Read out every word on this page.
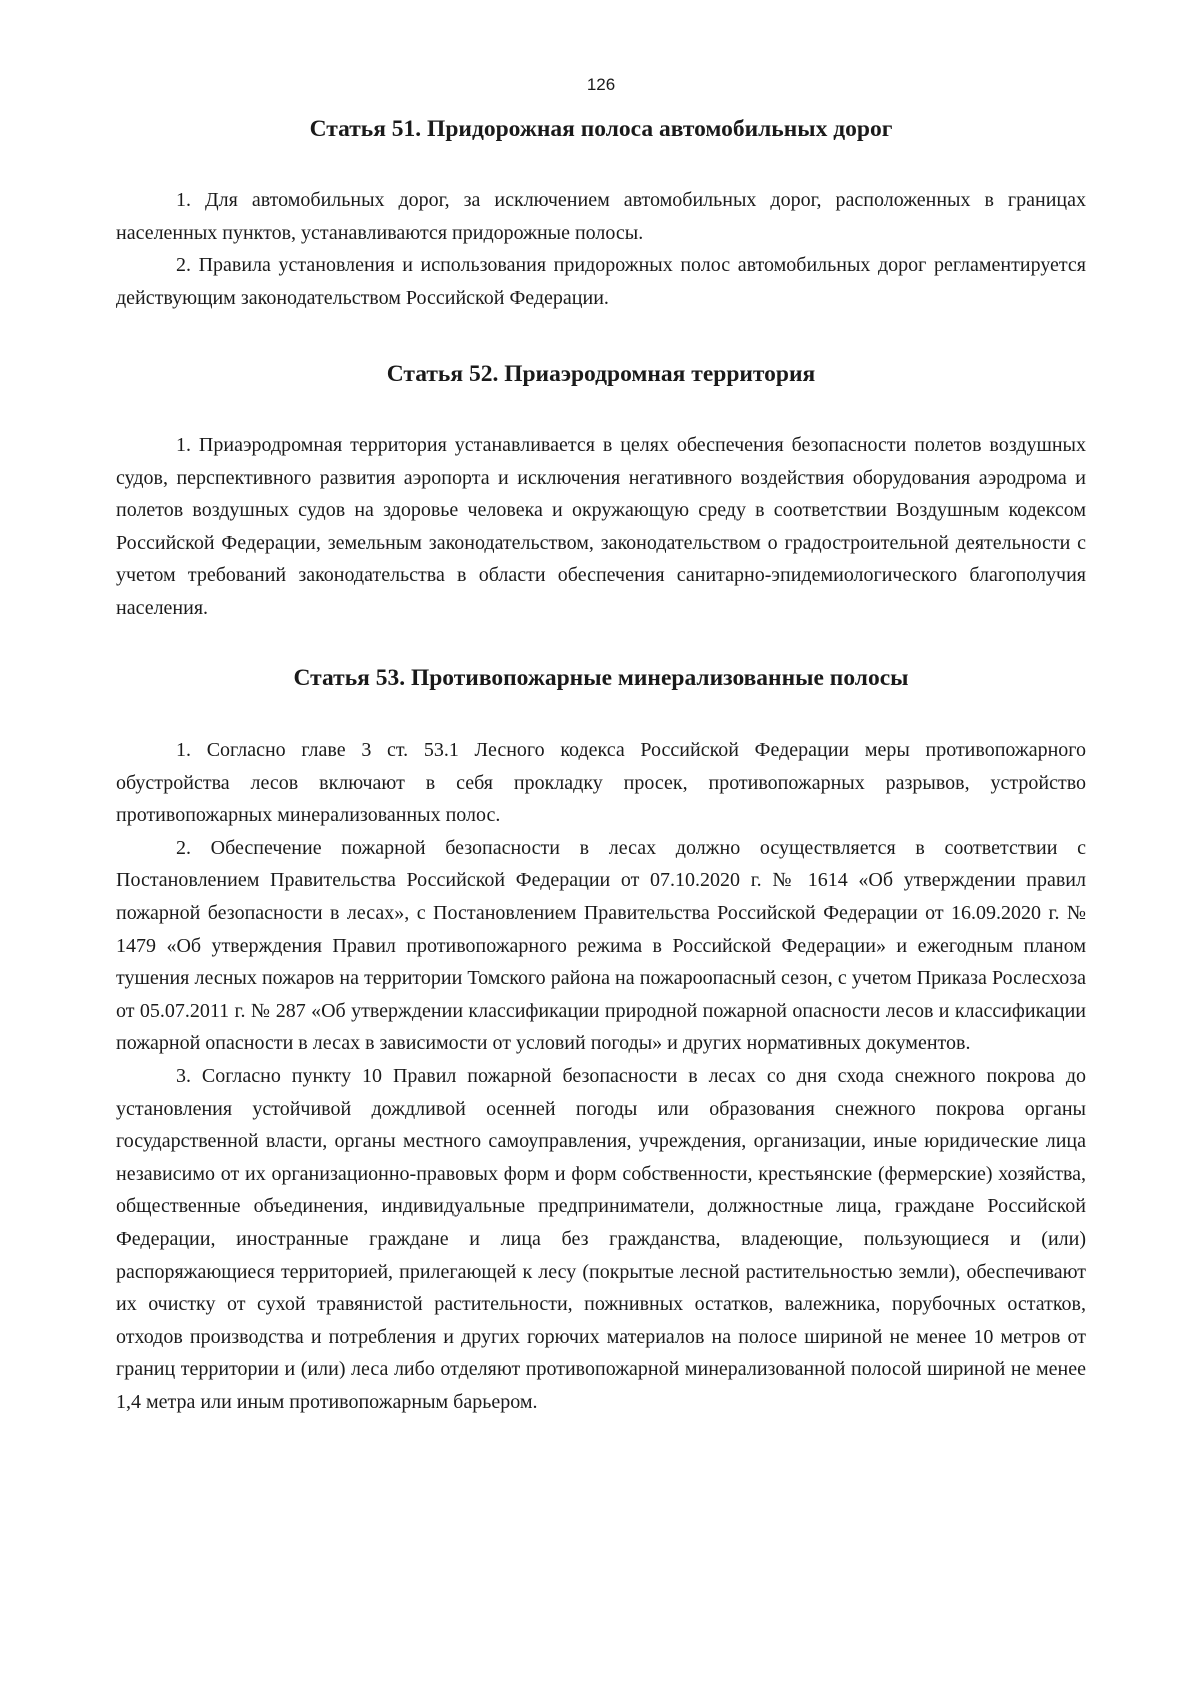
126
Статья 51. Придорожная полоса автомобильных дорог

1. Для автомобильных дорог, за исключением автомобильных дорог, расположенных в границах населенных пунктов, устанавливаются придорожные полосы.

2. Правила установления и использования придорожных полос автомобильных дорог регламентируется действующим законодательством Российской Федерации.

Статья 52. Приаэродромная территория

1. Приаэродромная территория устанавливается в целях обеспечения безопасности полетов воздушных судов, перспективного развития аэропорта и исключения негативного воздействия оборудования аэродрома и полетов воздушных судов на здоровье человека и окружающую среду в соответствии Воздушным кодексом Российской Федерации, земельным законодательством, законодательством о градостроительной деятельности с учетом требований законодательства в области обеспечения санитарно-эпидемиологического благополучия населения.

Статья 53. Противопожарные минерализованные полосы

1. Согласно главе 3 ст. 53.1 Лесного кодекса Российской Федерации меры противопожарного обустройства лесов включают в себя прокладку просек, противопожарных разрывов, устройство противопожарных минерализованных полос.

2. Обеспечение пожарной безопасности в лесах должно осуществляется в соответствии с Постановлением Правительства Российской Федерации от 07.10.2020 г. № 1614 «Об утверждении правил пожарной безопасности в лесах», с Постановлением Правительства Российской Федерации от 16.09.2020 г. № 1479 «Об утверждения Правил противопожарного режима в Российской Федерации» и ежегодным планом тушения лесных пожаров на территории Томского района на пожароопасный сезон, с учетом Приказа Рослесхоза от 05.07.2011 г. № 287 «Об утверждении классификации природной пожарной опасности лесов и классификации пожарной опасности в лесах в зависимости от условий погоды» и других нормативных документов.

3. Согласно пункту 10 Правил пожарной безопасности в лесах со дня схода снежного покрова до установления устойчивой дождливой осенней погоды или образования снежного покрова органы государственной власти, органы местного самоуправления, учреждения, организации, иные юридические лица независимо от их организационно-правовых форм и форм собственности, крестьянские (фермерские) хозяйства, общественные объединения, индивидуальные предприниматели, должностные лица, граждане Российской Федерации, иностранные граждане и лица без гражданства, владеющие, пользующиеся и (или) распоряжающиеся территорией, прилегающей к лесу (покрытые лесной растительностью земли), обеспечивают их очистку от сухой травянистой растительности, пожнивных остатков, валежника, порубочных остатков, отходов производства и потребления и других горючих материалов на полосе шириной не менее 10 метров от границ территории и (или) леса либо отделяют противопожарной минерализованной полосой шириной не менее 1,4 метра или иным противопожарным барьером.
